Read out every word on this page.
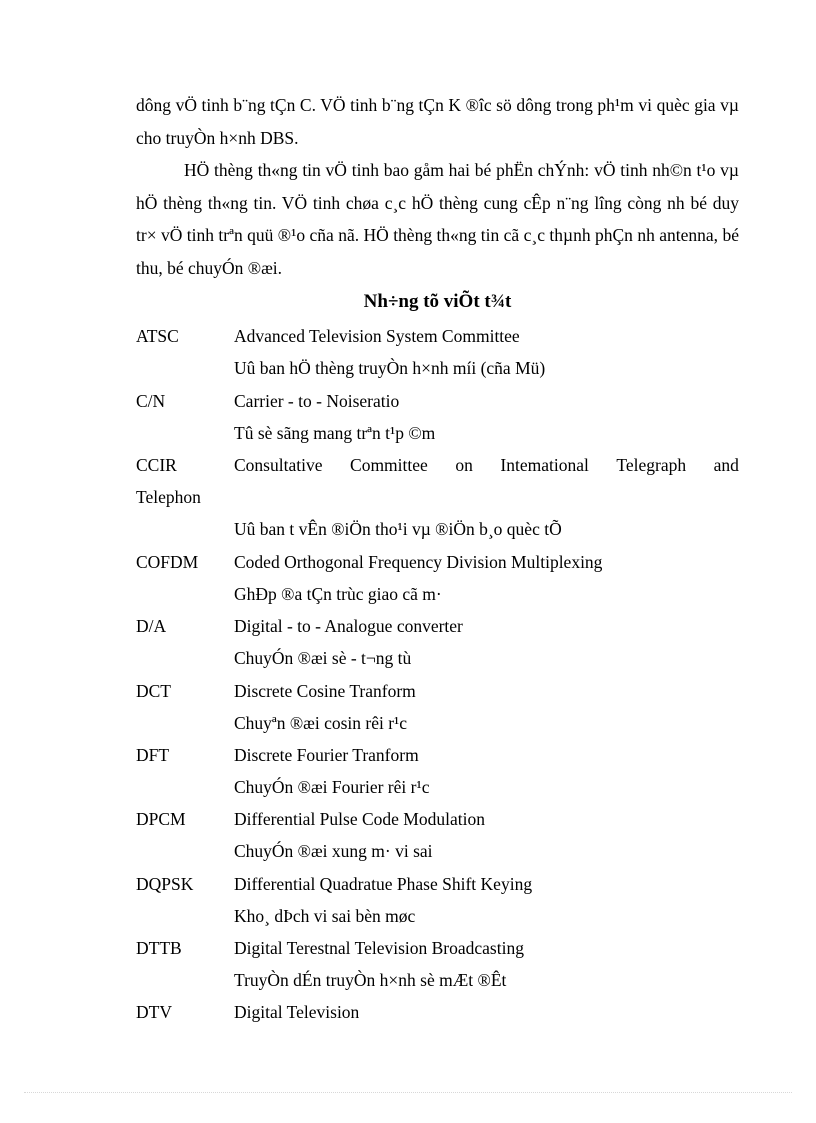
dông vÖ tinh b¨ng tÇn C. VÖ tinh b¨ng tÇn K ®îc sö dông trong ph¹m vi quèc gia vµ cho truyÒn h×nh DBS.

HÖ thèng th«ng tin vÖ tinh bao gåm hai bé phËn chÝnh: vÖ tinh nh©n t¹o vµ hÖ thèng th«ng tin. VÖ tinh chøa c¸c hÖ thèng cung cÊp n¨ng lîng còng nh bé duy tr× vÖ tinh trªn quü ®¹o cña nã. HÖ thèng th«ng tin cã c¸c thµnh phÇn nh antenna, bé thu, bé chuyÓn ®æi.

Nh÷ng tõ viÕt t¾t
ATSC	Advanced Television System Committee
Uû ban hÖ thèng truyÒn h×nh míi (cña Mü)
C/N	Carrier - to - Noiseratio
Tû sè sãng mang trªn t¹p ©m
CCIR	Consultative Committee on Intemational Telegraph and
Telephon
Uû ban t vÊn ®iÖn tho¹i vµ ®iÖn b¸o quèc tÕ
COFDM Coded Orthogonal Frequency Division Multiplexing
GhÐp ®a tÇn trùc giao cã m·
D/A	Digital - to - Analogue converter
ChuyÓn ®æi sè - t¬ng tù
DCT	Discrete Cosine Tranform
Chuyªn ®æi cosin rêi r¹c
DFT	Discrete Fourier Tranform
ChuyÓn ®æi Fourier rêi r¹c
DPCM	Differential Pulse Code Modulation
ChuyÓn ®æi xung m· vi sai
DQPSK Differential Quadratue Phase Shift Keying
Kho¸ dÞch vi sai bèn møc
DTTB	Digital Terestnal Television Broadcasting
TruyÒn dÉn truyÒn h×nh sè mÆt ®Êt
DTV	Digital Television
